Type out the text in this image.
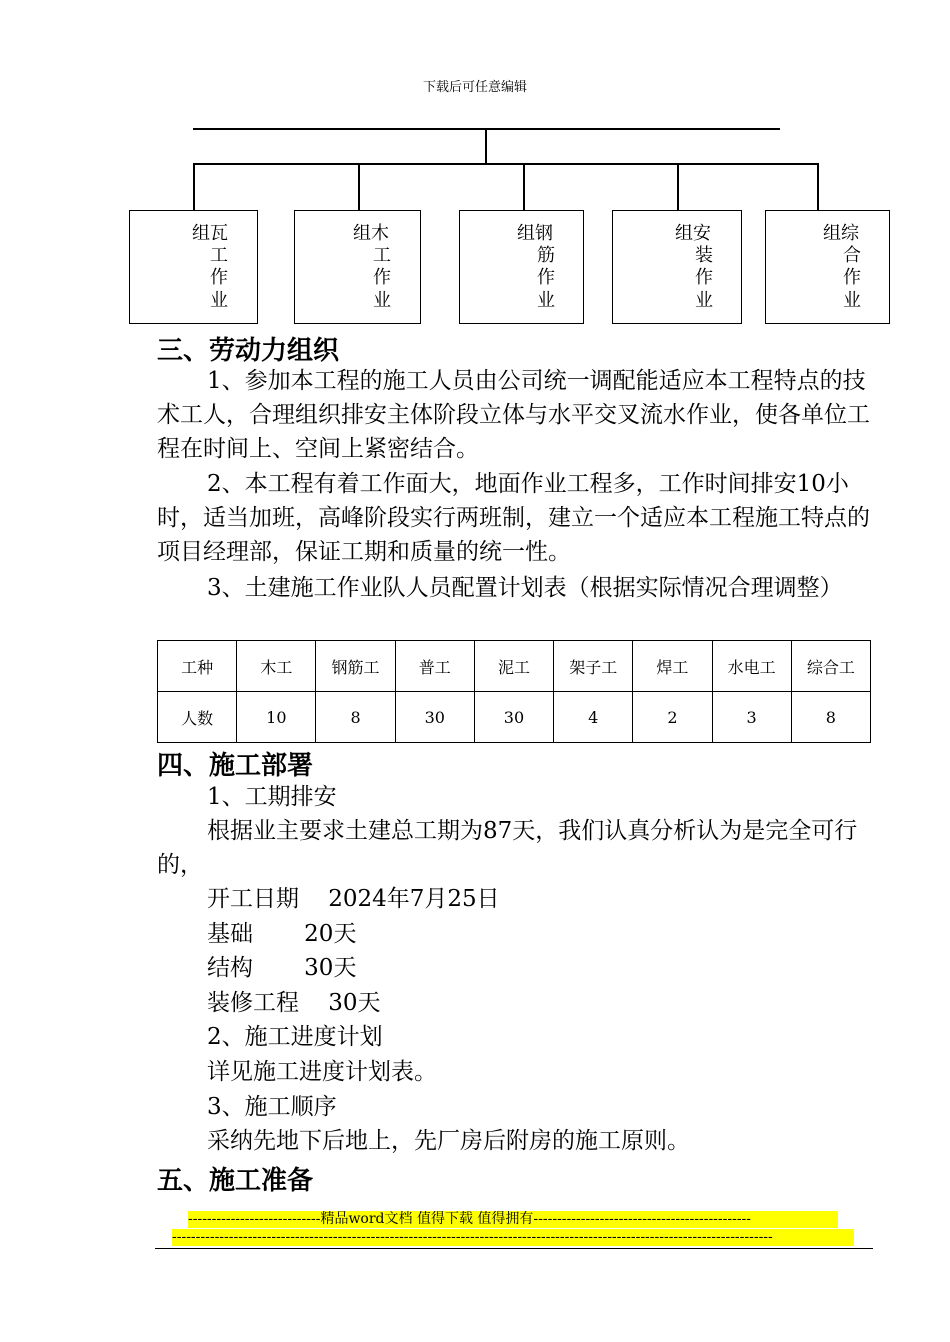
下载后可任意编辑
组瓦
工
作
业
组木
工
作
业
组钢
筋
作
业
组安
装
作
业
组综
合
作
业
三、劳动力组织
1、参加本工程的施工人员由公司统一调配能适应本工程特点的技术工人，合理组织排安主体阶段立体与水平交叉流水作业，使各单位工程在时间上、空间上紧密结合。
2、本工程有着工作面大，地面作业工程多，工作时间排安10小时，适当加班，高峰阶段实行两班制，建立一个适应本工程施工特点的项目经理部，保证工期和质量的统一性。
3、土建施工作业队人员配置计划表（根据实际情况合理调整）
工种	木工	钢筋工	普工	泥工	架子工	焊工	水电工	综合工
人数	10	8	30	30	4	2	3	8
四、施工部署
1、工期排安
根据业主要求土建总工期为87天，我们认真分析认为是完全可行的，
开工日期    2024年7月25日
基础       20天
结构       30天
装修工程    30天
2、施工进度计划
详见施工进度计划表。
3、施工顺序
采纳先地下后地上，先厂房后附房的施工原则。
五、施工准备
----------------------------精品word文档 值得下载 值得拥有----------------------------------------------
-------------------------------------------------------------------------------------------------------------------------------
